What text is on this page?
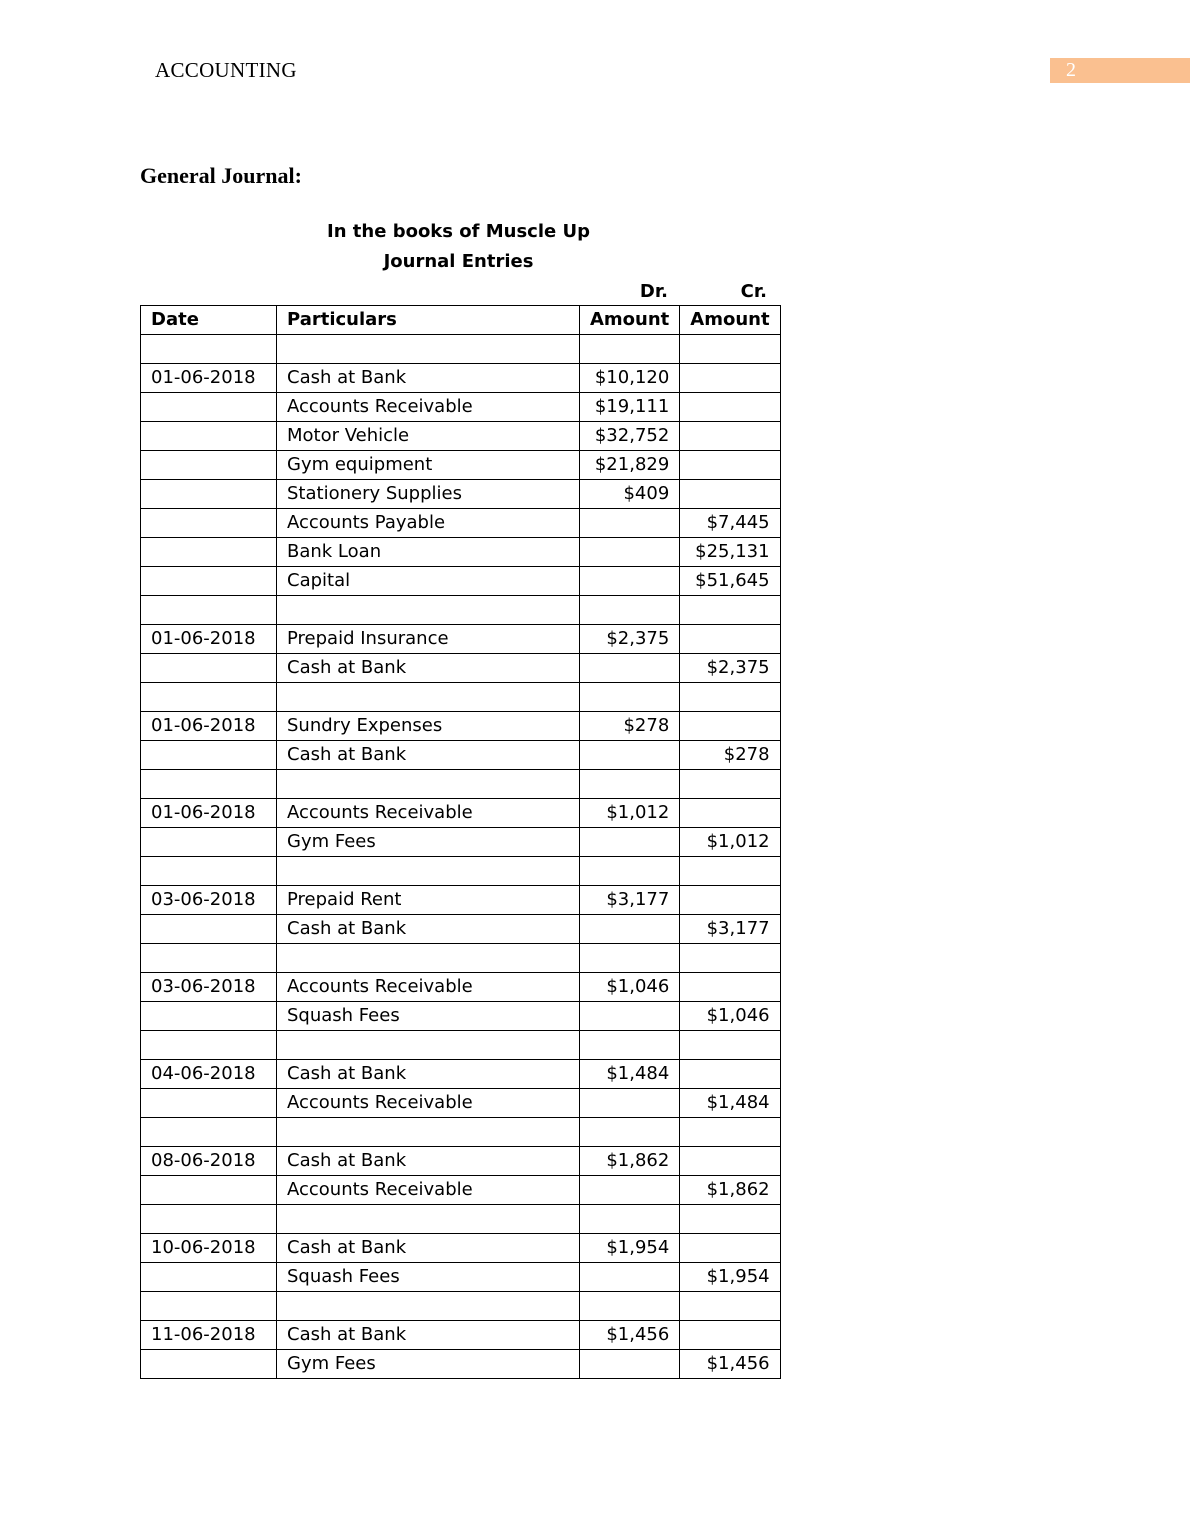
ACCOUNTING	2
General Journal:
In the books of Muscle Up
Journal Entries
Dr.	Cr.
Date	Particulars	Amount	Amount

01-06-2018	Cash at Bank	$10,120	
	Accounts Receivable	$19,111	
	Motor Vehicle	$32,752	
	Gym equipment	$21,829	
	Stationery Supplies	$409	
	Accounts Payable		$7,445
	Bank Loan		$25,131
	Capital		$51,645

01-06-2018	Prepaid Insurance	$2,375	
	Cash at Bank		$2,375

01-06-2018	Sundry Expenses	$278	
	Cash at Bank		$278

01-06-2018	Accounts Receivable	$1,012	
	Gym Fees		$1,012

03-06-2018	Prepaid Rent	$3,177	
	Cash at Bank		$3,177

03-06-2018	Accounts Receivable	$1,046	
	Squash Fees		$1,046

04-06-2018	Cash at Bank	$1,484	
	Accounts Receivable		$1,484

08-06-2018	Cash at Bank	$1,862	
	Accounts Receivable		$1,862

10-06-2018	Cash at Bank	$1,954	
	Squash Fees		$1,954

11-06-2018	Cash at Bank	$1,456	
	Gym Fees		$1,456
